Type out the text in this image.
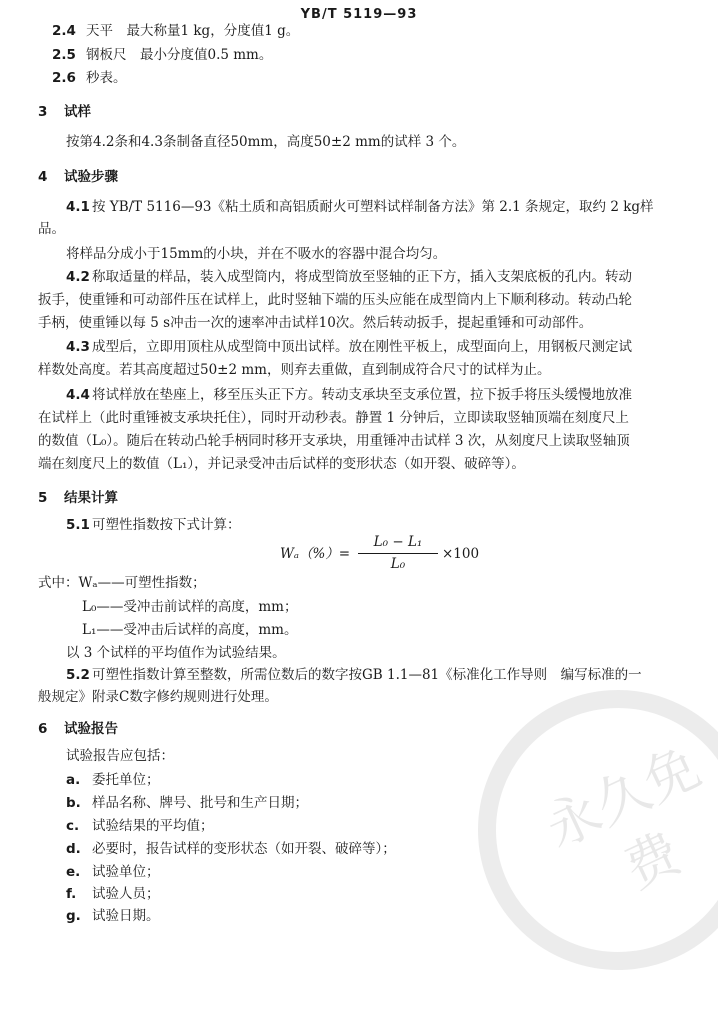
YB/T 5119—93
2.4 天平　最大称量1 kg，分度值1 g。
2.5 钢板尺　最小分度值0.5 mm。
2.6 秒表。
3 试样
按第4.2条和4.3条制备直径50mm，高度50±2 mm的试样 3 个。
4 试验步骤
4.1 按 YB/T 5116—93《粘土质和高铝质耐火可塑料试样制备方法》第 2.1 条规定，取约 2 kg样
品。
将样品分成小于15mm的小块，并在不吸水的容器中混合均匀。
4.2 称取适量的样品，装入成型筒内，将成型筒放至竖轴的正下方，插入支架底板的孔内。转动
扳手，使重锤和可动部件压在试样上，此时竖轴下端的压头应能在成型筒内上下顺利移动。转动凸轮
手柄，使重锤以每 5 s冲击一次的速率冲击试样10次。然后转动扳手，提起重锤和可动部件。
4.3 成型后，立即用顶柱从成型筒中顶出试样。放在刚性平板上，成型面向上，用钢板尺测定试
样数处高度。若其高度超过50±2 mm，则弃去重做，直到制成符合尺寸的试样为止。
4.4 将试样放在垫座上，移至压头正下方。转动支承块至支承位置，拉下扳手将压头缓慢地放准
在试样上（此时重锤被支承块托住），同时开动秒表。静置 1 分钟后，立即读取竖轴顶端在刻度尺上
的数值（L₀）。随后在转动凸轮手柄同时移开支承块，用重锤冲击试样 3 次，从刻度尺上读取竖轴顶
端在刻度尺上的数值（L₁），并记录受冲击后试样的变形状态（如开裂、破碎等）。
5 结果计算
5.1 可塑性指数按下式计算：
$W_a(\%)= \frac{\text{L₀ − L₁}}{\text{L₀}} \times 100$
式中：Wₐ——可塑性指数；
L₀——受冲击前试样的高度，mm；
L₁——受冲击后试样的高度，mm。
以 3 个试样的平均值作为试验结果。
5.2 可塑性指数计算至整数，所需位数后的数字按GB 1.1—81《标准化工作导则　编写标准的一
般规定》附录C数字修约规则进行处理。
6 试验报告
试验报告应包括：
a. 委托单位；
b. 样品名称、牌号、批号和生产日期；
c. 试验结果的平均值；
d. 必要时，报告试样的变形状态（如开裂、破碎等）；
e. 试验单位；
f. 试验人员；
g. 试验日期。
永久免费
